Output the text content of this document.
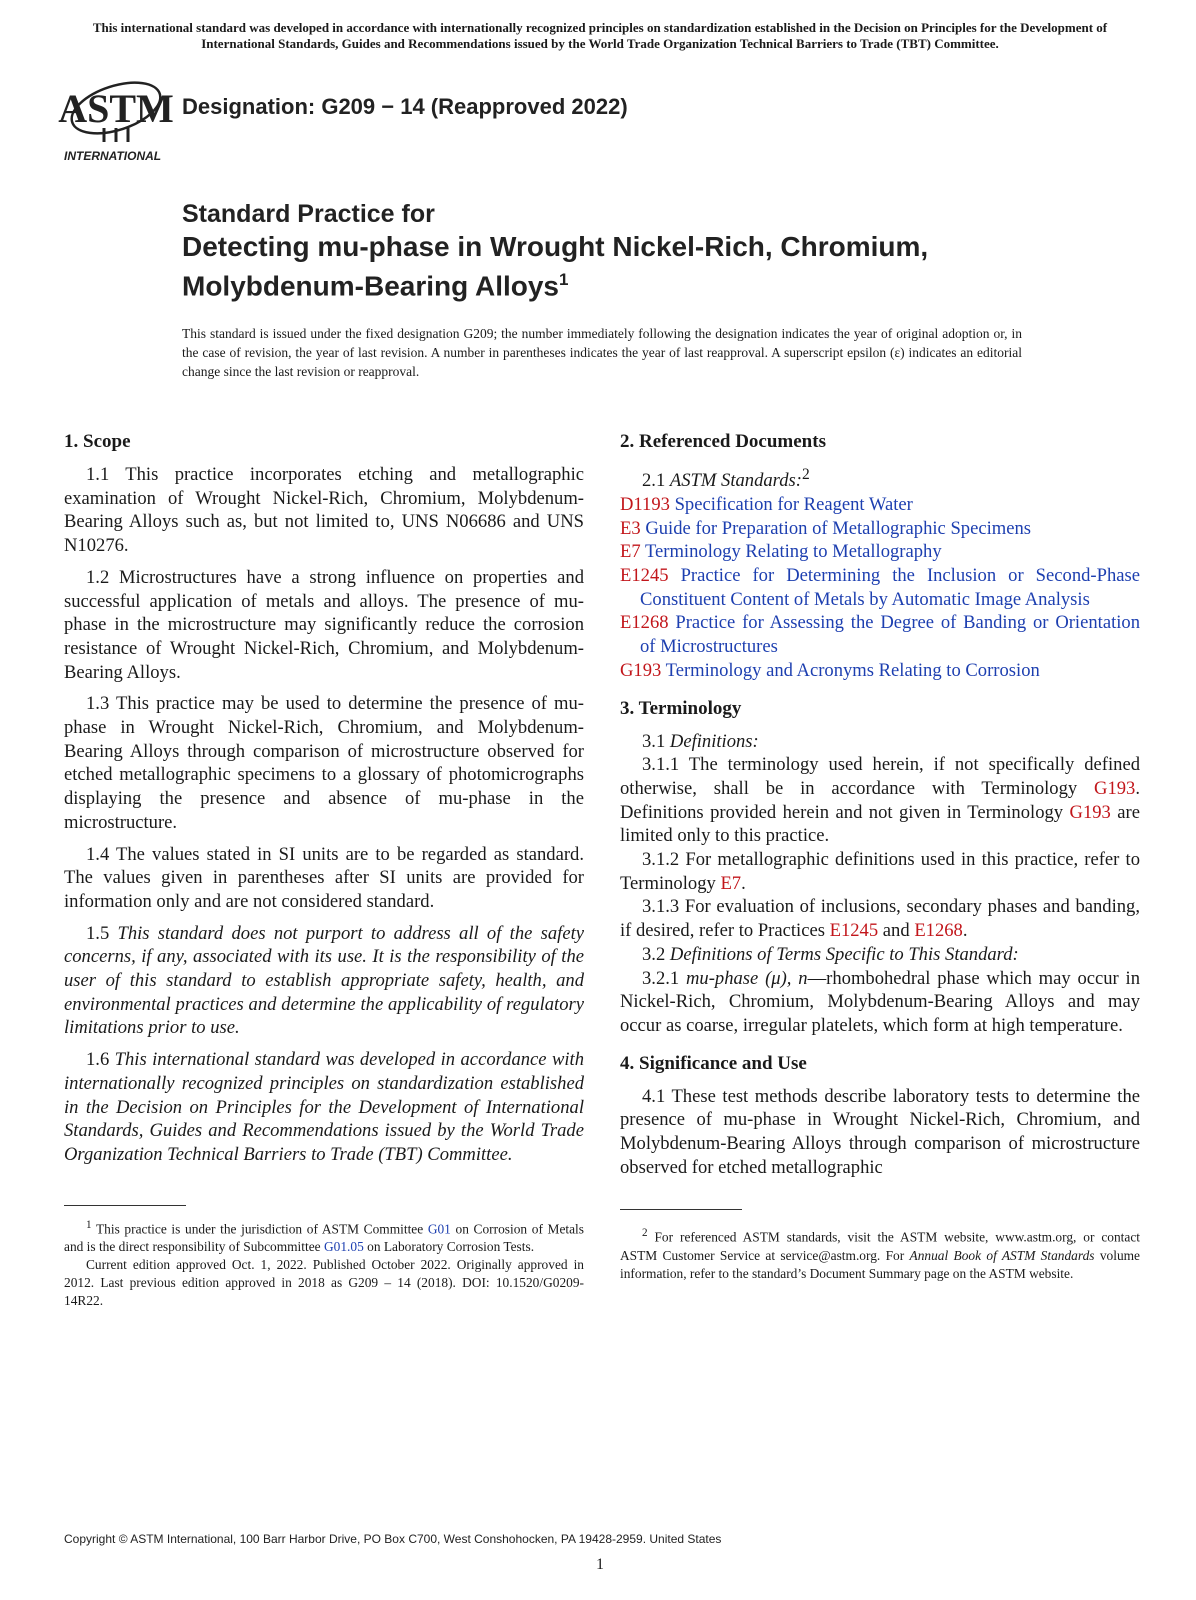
This international standard was developed in accordance with internationally recognized principles on standardization established in the Decision on Principles for the Development of International Standards, Guides and Recommendations issued by the World Trade Organization Technical Barriers to Trade (TBT) Committee.
ASTM
INTERNATIONAL
Designation: G209 − 14 (Reapproved 2022)
Standard Practice for
Detecting mu-phase in Wrought Nickel-Rich, Chromium,
Molybdenum-Bearing Alloys$^1$
This standard is issued under the fixed designation G209; the number immediately following the designation indicates the year of original adoption or, in the case of revision, the year of last revision. A number in parentheses indicates the year of last reapproval. A superscript epsilon (ε) indicates an editorial change since the last revision or reapproval.
1. Scope

1.1 This practice incorporates etching and metallographic examination of Wrought Nickel-Rich, Chromium, Molybdenum-Bearing Alloys such as, but not limited to, UNS N06686 and UNS N10276.

1.2 Microstructures have a strong influence on properties and successful application of metals and alloys. The presence of mu-phase in the microstructure may significantly reduce the corrosion resistance of Wrought Nickel-Rich, Chromium, and Molybdenum-Bearing Alloys.

1.3 This practice may be used to determine the presence of mu-phase in Wrought Nickel-Rich, Chromium, and Molybdenum-Bearing Alloys through comparison of microstructure observed for etched metallographic specimens to a glossary of photomicrographs displaying the presence and absence of mu-phase in the microstructure.

1.4 The values stated in SI units are to be regarded as standard. The values given in parentheses after SI units are provided for information only and are not considered standard.

1.5 This standard does not purport to address all of the safety concerns, if any, associated with its use. It is the responsibility of the user of this standard to establish appropriate safety, health, and environmental practices and determine the applicability of regulatory limitations prior to use.

1.6 This international standard was developed in accordance with internationally recognized principles on standardization established in the Decision on Principles for the Development of International Standards, Guides and Recommendations issued by the World Trade Organization Technical Barriers to Trade (TBT) Committee.

$^1$ This practice is under the jurisdiction of ASTM Committee G01 on Corrosion of Metals and is the direct responsibility of Subcommittee G01.05 on Laboratory Corrosion Tests.

Current edition approved Oct. 1, 2022. Published October 2022. Originally approved in 2012. Last previous edition approved in 2018 as G209 – 14 (2018). DOI: 10.1520/G0209-14R22.

2. Referenced Documents

2.1 ASTM Standards:$^2$

D1193 Specification for Reagent Water

E3 Guide for Preparation of Metallographic Specimens

E7 Terminology Relating to Metallography

E1245 Practice for Determining the Inclusion or Second-Phase Constituent Content of Metals by Automatic Image Analysis

E1268 Practice for Assessing the Degree of Banding or Orientation of Microstructures

G193 Terminology and Acronyms Relating to Corrosion

3. Terminology

3.1 Definitions:

3.1.1 The terminology used herein, if not specifically defined otherwise, shall be in accordance with Terminology G193. Definitions provided herein and not given in Terminology G193 are limited only to this practice.

3.1.2 For metallographic definitions used in this practice, refer to Terminology E7.

3.1.3 For evaluation of inclusions, secondary phases and banding, if desired, refer to Practices E1245 and E1268.

3.2 Definitions of Terms Specific to This Standard:

3.2.1 mu-phase (μ), n—rhombohedral phase which may occur in Nickel-Rich, Chromium, Molybdenum-Bearing Alloys and may occur as coarse, irregular platelets, which form at high temperature.

4. Significance and Use

4.1 These test methods describe laboratory tests to determine the presence of mu-phase in Wrought Nickel-Rich, Chromium, and Molybdenum-Bearing Alloys through comparison of microstructure observed for etched metallographic

$^2$ For referenced ASTM standards, visit the ASTM website, www.astm.org, or contact ASTM Customer Service at service@astm.org. For Annual Book of ASTM Standards volume information, refer to the standard’s Document Summary page on the ASTM website.

Copyright © ASTM International, 100 Barr Harbor Drive, PO Box C700, West Conshohocken, PA 19428-2959. United States
1
